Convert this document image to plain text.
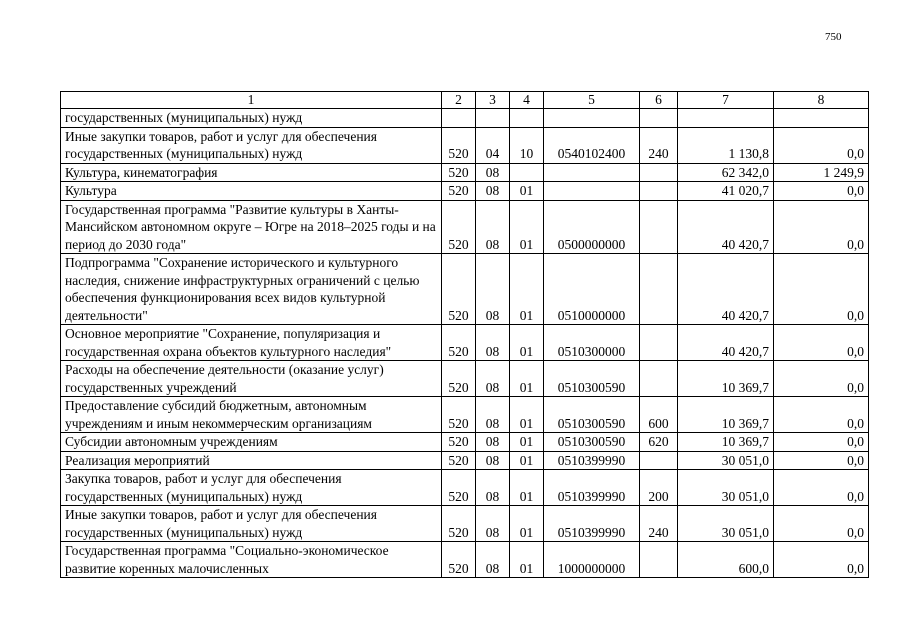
750
1	2	3	4	5	6	7	8
государственных (муниципальных) нужд							
Иные закупки товаров, работ и услуг для обеспечения государственных (муниципальных) нужд	520	04	10	0540102400	240	1 130,8	0,0
Культура, кинематография	520	08				62 342,0	1 249,9
Культура	520	08	01			41 020,7	0,0
Государственная программа "Развитие культуры в Ханты-Мансийском автономном округе – Югре на 2018–2025 годы и на период до 2030 года"	520	08	01	0500000000		40 420,7	0,0
Подпрограмма "Сохранение исторического и культурного наследия, снижение инфраструктурных ограничений с целью обеспечения функционирования всех видов культурной деятельности"	520	08	01	0510000000		40 420,7	0,0
Основное мероприятие "Сохранение, популяризация и государственная охрана объектов культурного наследия"	520	08	01	0510300000		40 420,7	0,0
Расходы на обеспечение деятельности (оказание услуг) государственных учреждений	520	08	01	0510300590		10 369,7	0,0
Предоставление субсидий бюджетным, автономным учреждениям и иным некоммерческим организациям	520	08	01	0510300590	600	10 369,7	0,0
Субсидии автономным учреждениям	520	08	01	0510300590	620	10 369,7	0,0
Реализация мероприятий	520	08	01	0510399990		30 051,0	0,0
Закупка товаров, работ и услуг для обеспечения государственных (муниципальных) нужд	520	08	01	0510399990	200	30 051,0	0,0
Иные закупки товаров, работ и услуг для обеспечения государственных (муниципальных) нужд	520	08	01	0510399990	240	30 051,0	0,0
Государственная программа "Социально-экономическое развитие коренных малочисленных	520	08	01	1000000000		600,0	0,0
